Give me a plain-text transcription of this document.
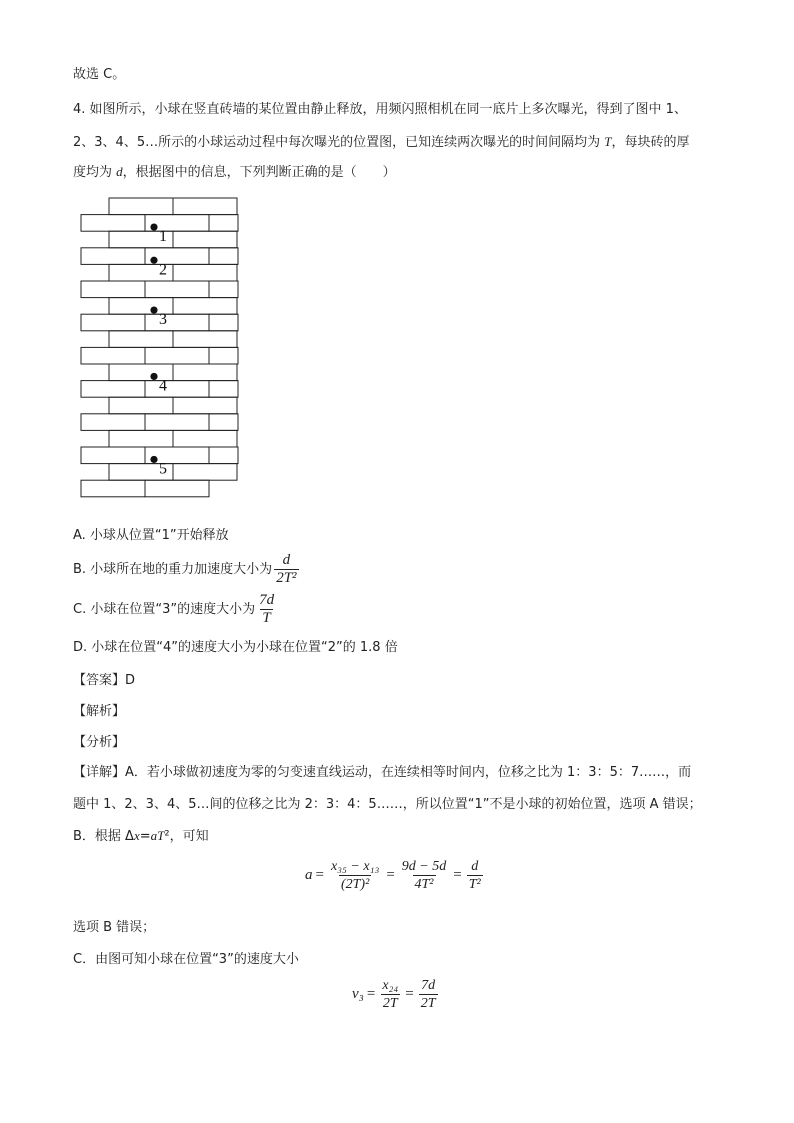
故选 C。
4. 如图所示，小球在竖直砖墙的某位置由静止释放，用频闪照相机在同一底片上多次曝光，得到了图中 1、
2、3、4、5…所示的小球运动过程中每次曝光的位置图，已知连续两次曝光的时间间隔均为 T，每块砖的厚
度均为 d，根据图中的信息，下列判断正确的是（　　）
1
2
3
4
5
A. 小球从位置“1”开始释放
B. 小球所在地的重力加速度大小为 $\frac{d}{\text{2T²}}$
C. 小球在位置“3”的速度大小为 $\frac{7d}{T}$
D. 小球在位置“4”的速度大小为小球在位置“2”的 1.8 倍
【答案】D
【解析】
【分析】
【详解】A．若小球做初速度为零的匀变速直线运动，在连续相等时间内，位移之比为 1：3：5：7……，而
题中 1、2、3、4、5…间的位移之比为 2：3：4：5……，所以位置“1”不是小球的初始位置，选项 A 错误；
B．根据 Δx=aT²，可知
$a = \frac{\text{x₃₅ − x₁₃}}{\text{(2T)²}} = \frac{9d - 5d}{\text{4T²}} = \frac{d}{\text{T²}}$
选项 B 错误；
C．由图可知小球在位置“3”的速度大小
$v_3 = \frac{\text{x₂₄}}{2T} = \frac{7d}{2T}$
